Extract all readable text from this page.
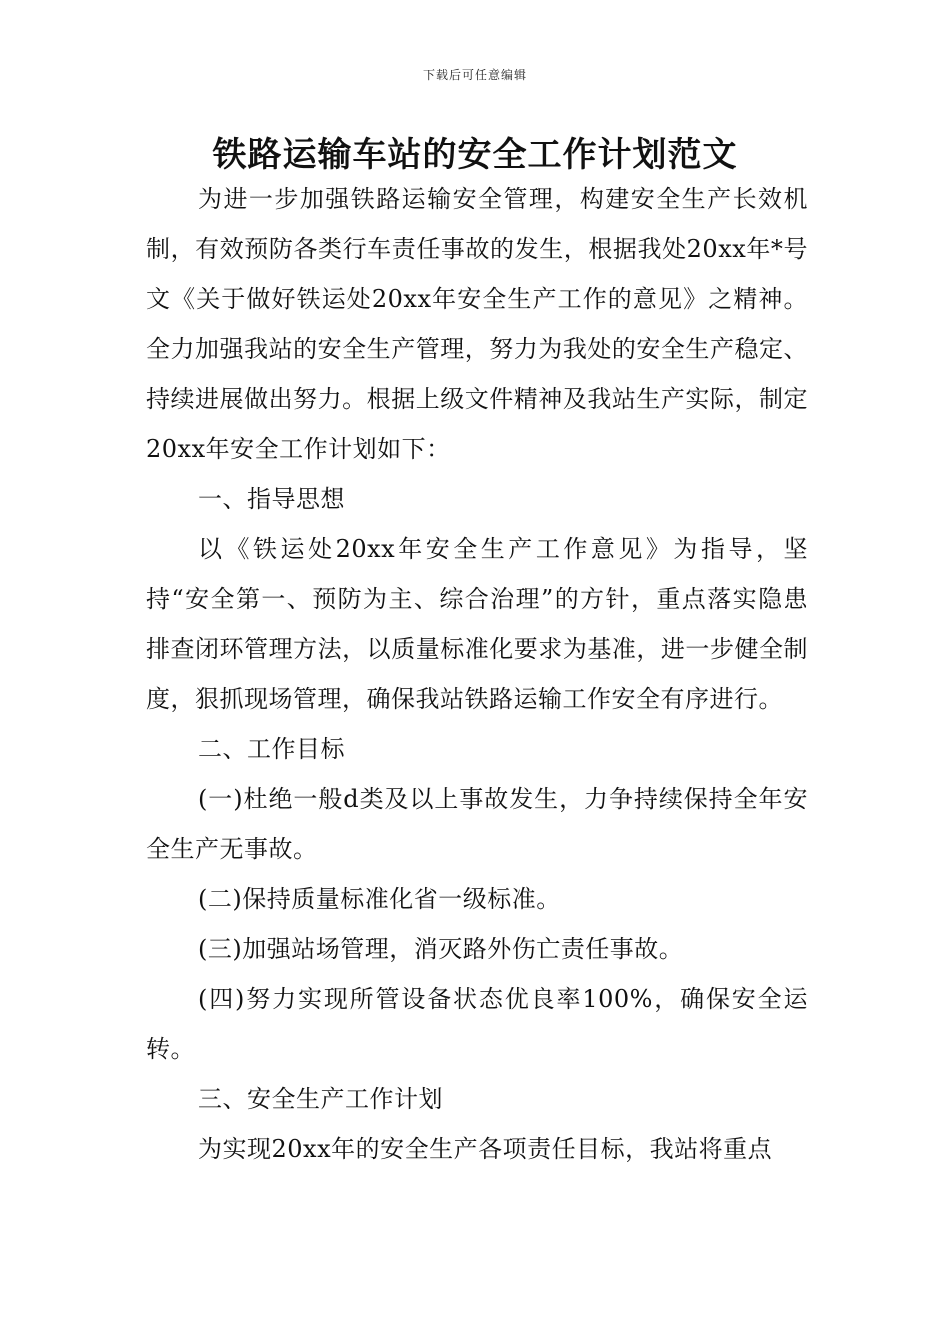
下载后可任意编辑
铁路运输车站的安全工作计划范文

为进一步加强铁路运输安全管理，构建安全生产长效机制，有效预防各类行车责任事故的发生，根据我处20xx年*号文《关于做好铁运处20xx年安全生产工作的意见》之精神。全力加强我站的安全生产管理，努力为我处的安全生产稳定、持续进展做出努力。根据上级文件精神及我站生产实际，制定20xx年安全工作计划如下：

一、指导思想

以《铁运处20xx年安全生产工作意见》为指导，坚持“安全第一、预防为主、综合治理”的方针，重点落实隐患排查闭环管理方法，以质量标准化要求为基准，进一步健全制度，狠抓现场管理，确保我站铁路运输工作安全有序进行。

二、工作目标

(一)杜绝一般d类及以上事故发生，力争持续保持全年安全生产无事故。

(二)保持质量标准化省一级标准。

(三)加强站场管理，消灭路外伤亡责任事故。

(四)努力实现所管设备状态优良率100%，确保安全运转。

三、安全生产工作计划

为实现20xx年的安全生产各项责任目标，我站将重点
